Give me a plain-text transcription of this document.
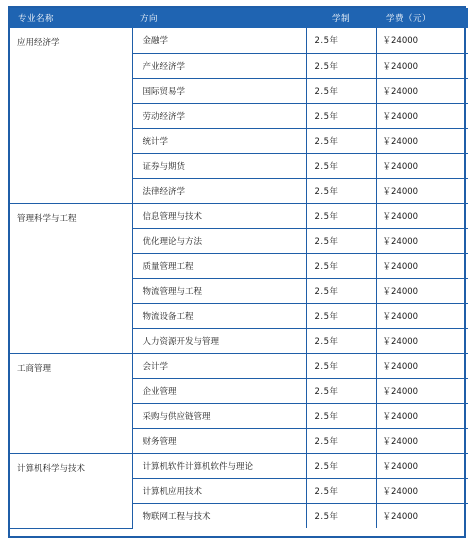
专业名称	方向	学制	学费（元）
应用经济学	金融学	2.5年	￥24000
	产业经济学	2.5年	￥24000
	国际贸易学	2.5年	￥24000
	劳动经济学	2.5年	￥24000
	统计学	2.5年	￥24000
	证券与期货	2.5年	￥24000
	法律经济学	2.5年	￥24000
管理科学与工程	信息管理与技术	2.5年	￥24000
	优化理论与方法	2.5年	￥24000
	质量管理工程	2.5年	￥24000
	物流管理与工程	2.5年	￥24000
	物流设备工程	2.5年	￥24000
	人力资源开发与管理	2.5年	￥24000
工商管理	会计学	2.5年	￥24000
	企业管理	2.5年	￥24000
	采购与供应链管理	2.5年	￥24000
	财务管理	2.5年	￥24000
计算机科学与技术	计算机软件计算机软件与理论	2.5年	￥24000
	计算机应用技术	2.5年	￥24000
	物联网工程与技术	2.5年	￥24000
